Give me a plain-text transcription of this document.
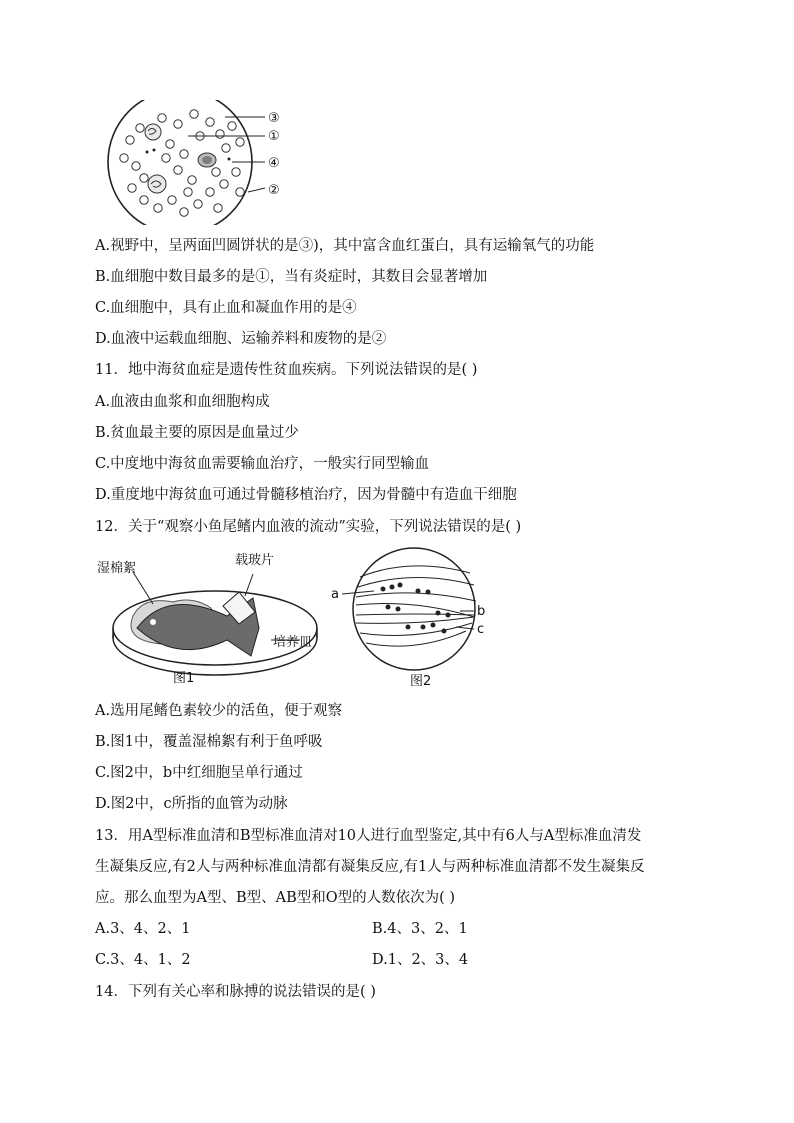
③
①
④
②
A.视野中，呈两面凹圆饼状的是③)，其中富含血红蛋白，具有运输氧气的功能
B.血细胞中数目最多的是①，当有炎症时，其数目会显著增加
C.血细胞中，具有止血和凝血作用的是④
D.血液中运载血细胞、运输养料和废物的是②
11．地中海贫血症是遗传性贫血疾病。下列说法错误的是( )
A.血液由血浆和血细胞构成
B.贫血最主要的原因是血量过少
C.中度地中海贫血需要输血治疗，一般实行同型输血
D.重度地中海贫血可通过骨髓移植治疗，因为骨髓中有造血干细胞
12．关于“观察小鱼尾鳍内血液的流动”实验，下列说法错误的是( )
湿棉絮
载玻片
培养皿
图1
a
b
c
图2
A.选用尾鳍色素较少的活鱼，便于观察
B.图1中，覆盖湿棉絮有利于鱼呼吸
C.图2中，b中红细胞呈单行通过
D.图2中，c所指的血管为动脉
13．用A型标准血清和B型标准血清对10人进行血型鉴定,其中有6人与A型标准血清发
生凝集反应,有2人与两种标准血清都有凝集反应,有1人与两种标准血清都不发生凝集反
应。那么血型为A型、B型、AB型和O型的人数依次为( )
A.3、4、2、1	B.4、3、2、1
C.3、4、1、2	D.1、2、3、4
14．下列有关心率和脉搏的说法错误的是( )
